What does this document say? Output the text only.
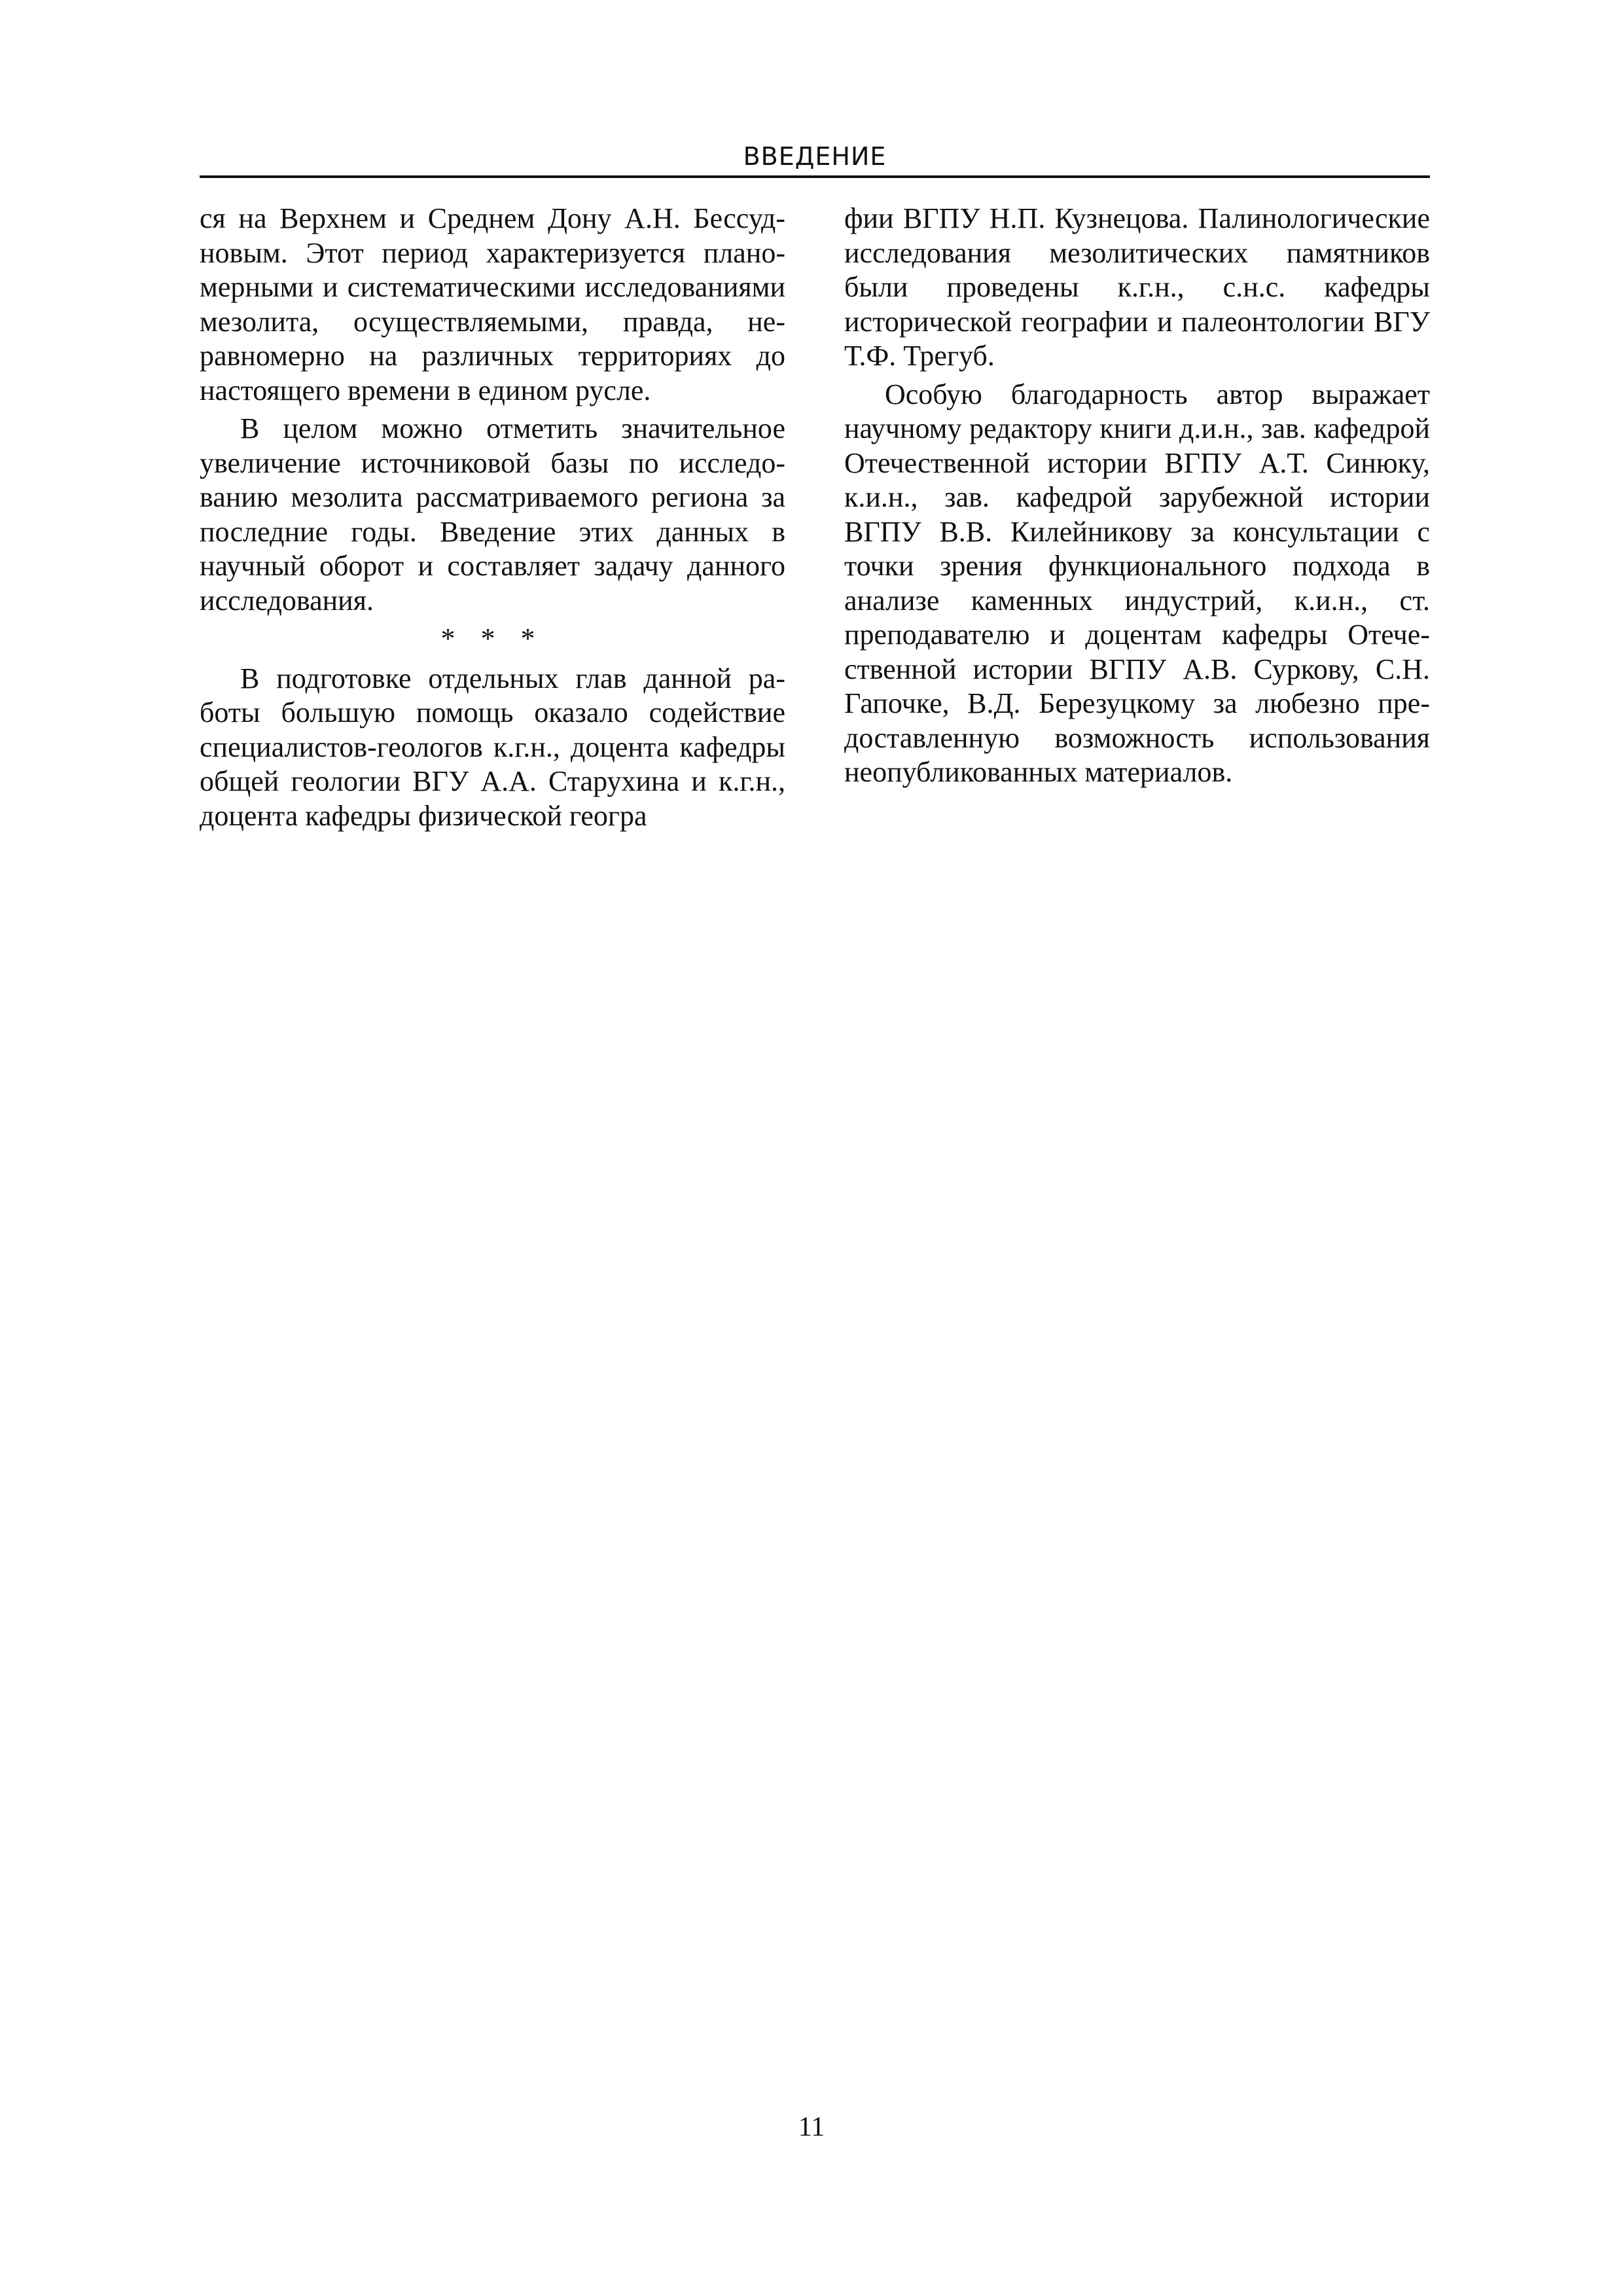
ВВЕДЕНИЕ

ся на Верхнем и Среднем Дону А.Н. Бессудновым. Этот период характеризуется планомерными и систематическими исследованиями мезолита, осуществляемыми, правда, неравномерно на различных территориях до настоящего времени в едином русле.

В целом можно отметить значительное увеличение источниковой базы по исследованию мезолита рассматриваемого региона за последние годы. Введение этих данных в научный оборот и составляет задачу данного исследования.

* * *

В подготовке отдельных глав данной работы большую помощь оказало содействие специалистов-геологов к.г.н., доцента кафедры общей геологии ВГУ А.А. Старухина и к.г.н., доцента кафедры физической геогра

фии ВГПУ Н.П. Кузнецова. Палинологические исследования мезолитических памятников были проведены к.г.н., с.н.с. кафедры исторической географии и палеонтологии ВГУ Т.Ф. Трегуб.

Особую благодарность автор выражает научному редактору книги д.и.н., зав. кафедрой Отечественной истории ВГПУ А.Т. Синюку, к.и.н., зав. кафедрой зарубежной истории ВГПУ В.В. Килейникову за консультации с точки зрения функционального подхода в анализе каменных индустрий, к.и.н., ст. преподавателю и доцентам кафедры Отечественной истории ВГПУ А.В. Суркову, С.Н. Гапочке, В.Д. Березуцкому за любезно предоставленную возможность использования неопубликованных материалов.

11
